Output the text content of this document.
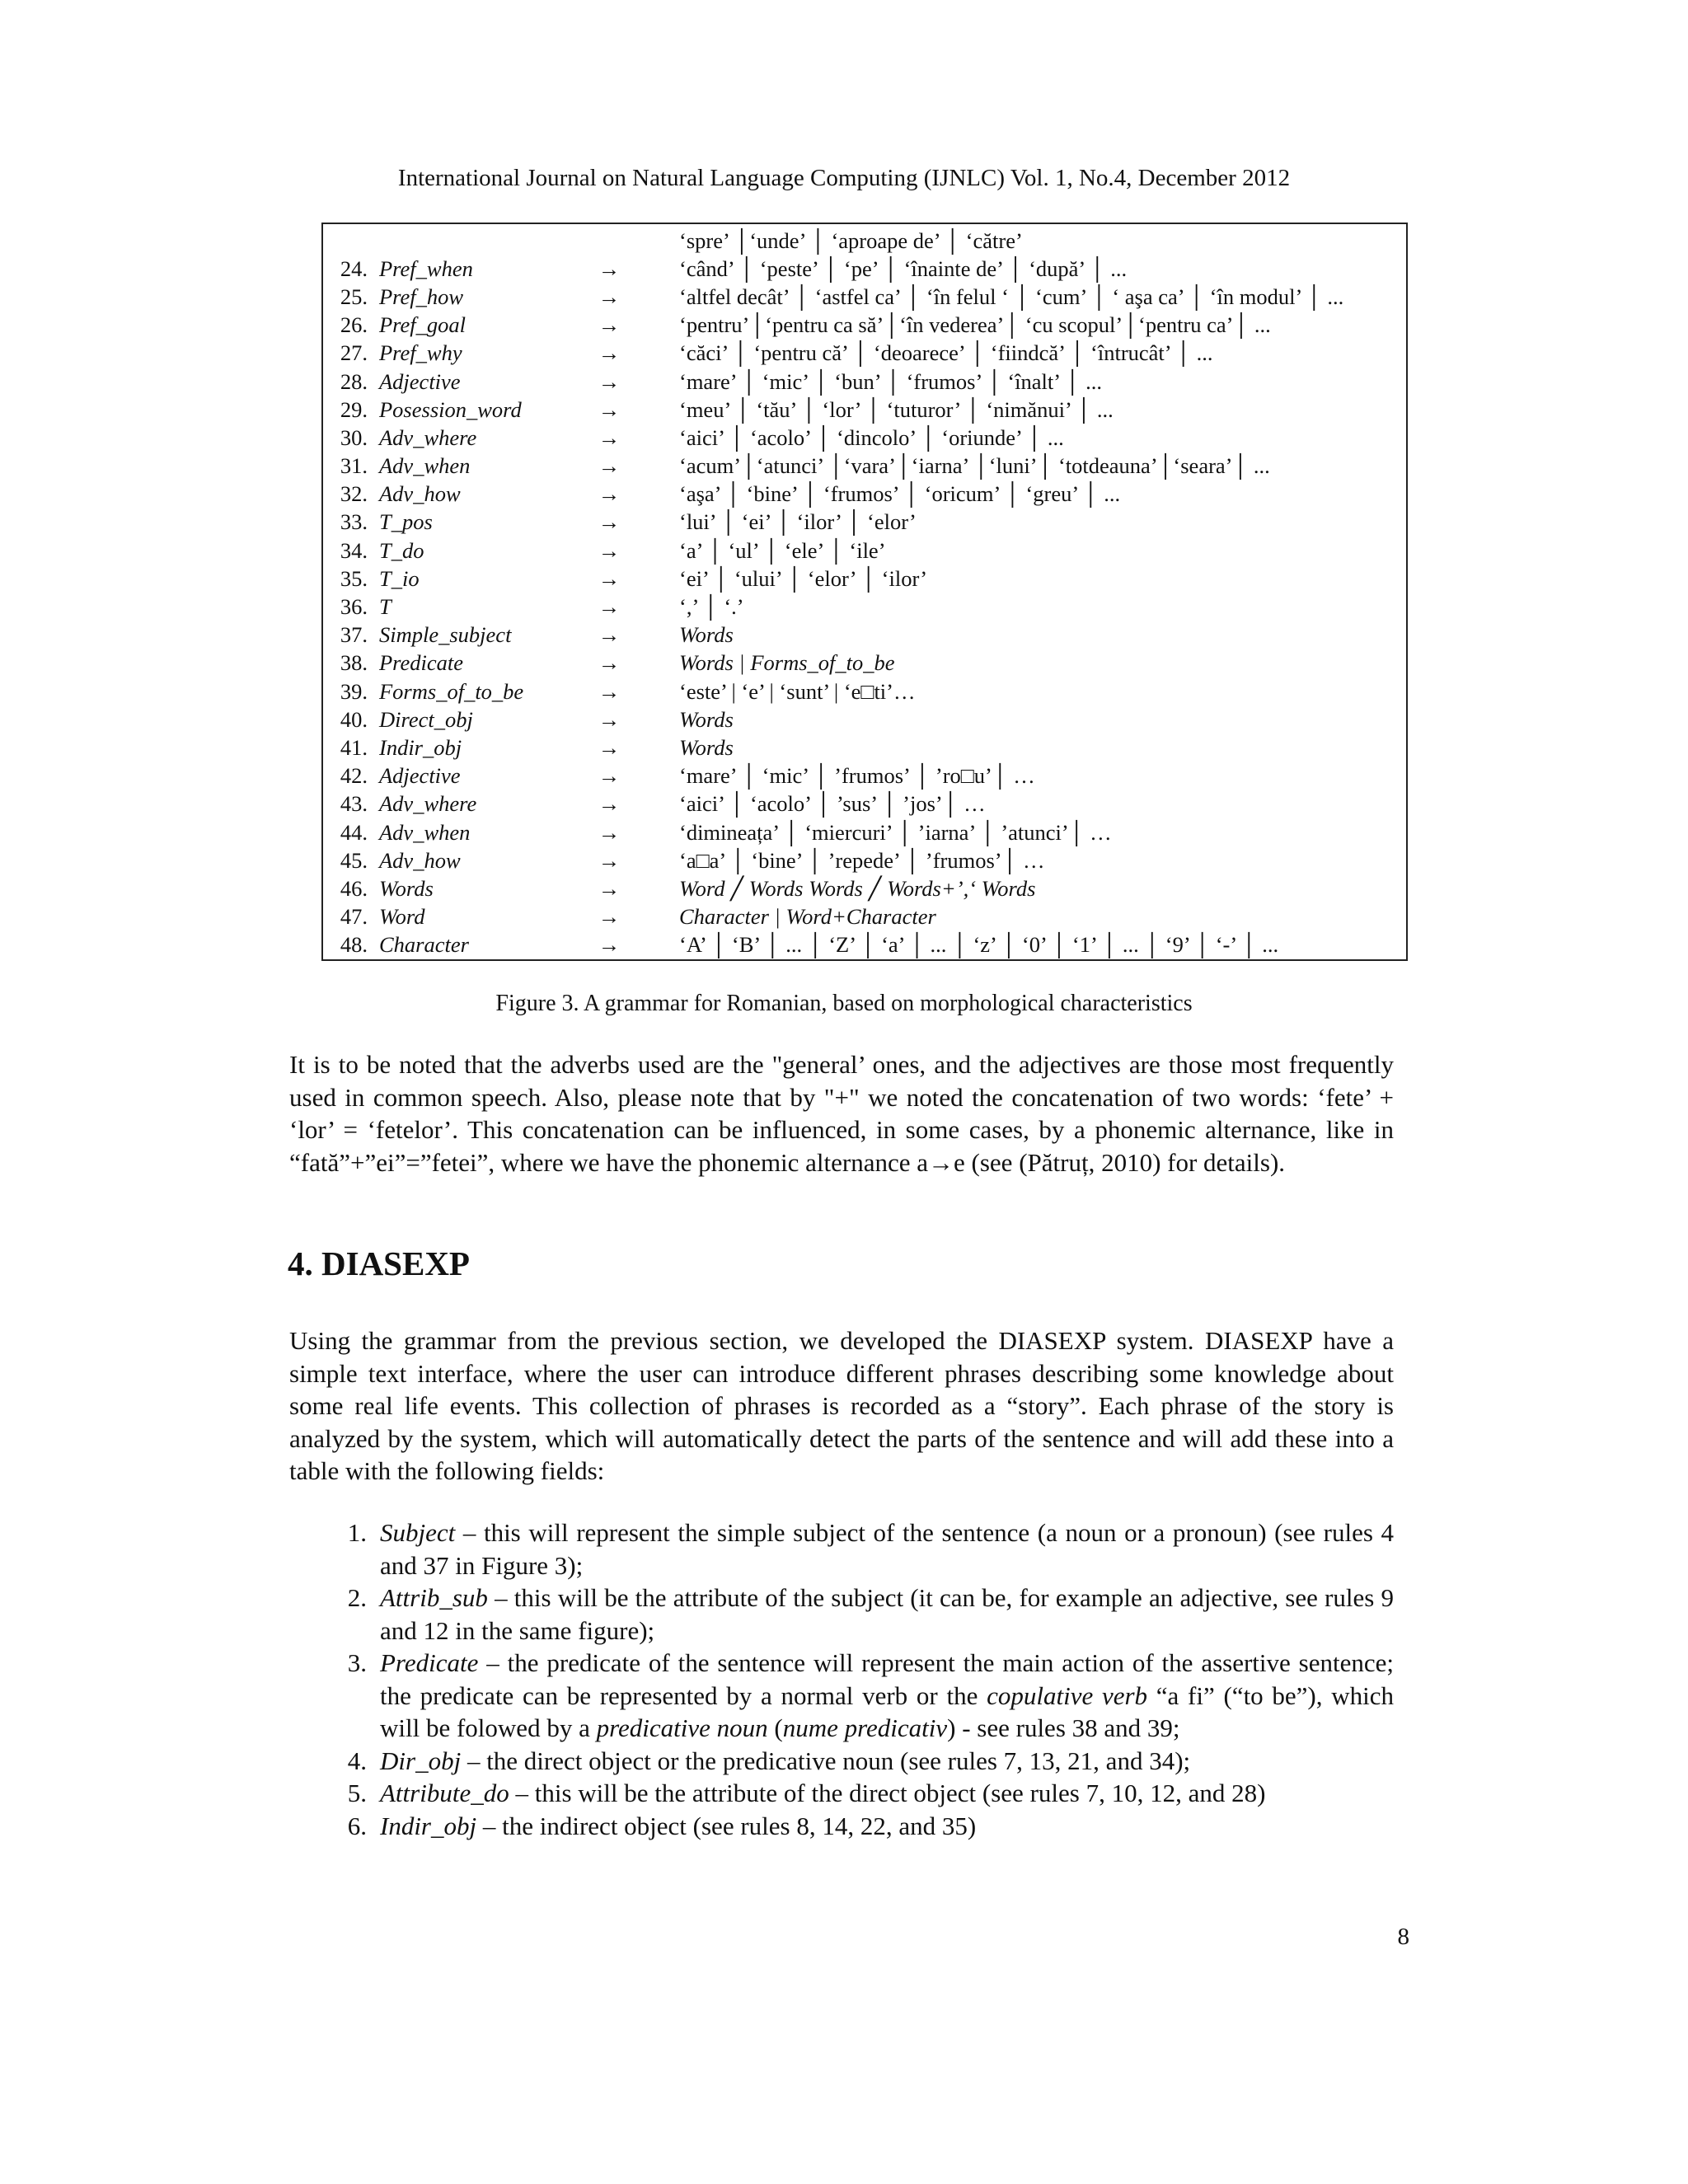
International Journal on Natural Language Computing (IJNLC) Vol. 1, No.4, December 2012
‘spre’ │‘unde’ │ ‘aproape de’ │ ‘către’
24. Pref_when	→	‘când’ │ ‘peste’ │ ‘pe’ │ ‘înainte de’ │ ‘după’ │ ...
25. Pref_how	→	‘altfel decât’ │ ‘astfel ca’ │ ‘în felul ‘ │ ‘cum’ │ ‘ aşa ca’ │ ‘în modul’ │ ...
26. Pref_goal	→	‘pentru’│‘pentru ca să’│‘în vederea’│ ‘cu scopul’│‘pentru ca’│ ...
27. Pref_why	→	‘căci’ │ ‘pentru că’ │ ‘deoarece’ │ ‘fiindcă’ │ ‘întrucât’ │ ...
28. Adjective	→	‘mare’ │ ‘mic’ │ ‘bun’ │ ‘frumos’ │ ‘înalt’ │ ...
29. Posession_word	→	‘meu’ │ ‘tău’ │ ‘lor’ │ ‘tuturor’ │ ‘nimănui’ │ ...
30. Adv_where	→	‘aici’ │ ‘acolo’ │ ‘dincolo’ │ ‘oriunde’ │ ...
31. Adv_when	→	‘acum’│‘atunci’ │‘vara’│‘iarna’ │‘luni’│ ‘totdeauna’│‘seara’│ ...
32. Adv_how	→	‘aşa’ │ ‘bine’ │ ‘frumos’ │ ‘oricum’ │ ‘greu’ │ ...
33. T_pos	→	‘lui’ │ ‘ei’ │ ‘ilor’ │ ‘elor’
34. T_do	→	‘a’ │ ‘ul’ │ ‘ele’ │ ‘ile’
35. T_io	→	‘ei’ │ ‘ului’ │ ‘elor’ │ ‘ilor’
36. T	→	‘,’ │ ‘.’
37. Simple_subject	→	Words
38. Predicate	→	Words | Forms_of_to_be
39. Forms_of_to_be	→	‘este’ | ‘e’ | ‘sunt’ | ‘e□ti’…
40. Direct_obj	→	Words
41. Indir_obj	→	Words
42. Adjective	→	‘mare’ │ ‘mic’ │ ’frumos’ │ ’ro□u’│ …
43. Adv_where	→	‘aici’ │ ‘acolo’ │ ’sus’ │ ’jos’│ …
44. Adv_when	→	‘dimineața’ │ ‘miercuri’ │ ’iarna’ │ ’atunci’│ …
45. Adv_how	→	‘a□a’ │ ‘bine’ │ ’repede’ │ ’frumos’│ …
46. Words	→	Word ╱ Words Words ╱ Words+’,‘ Words
47. Word	→	Character | Word+Character
48. Character	→	‘A’ │ ‘B’ │ ... │ ‘Z’ │ ‘a’ │ ... │ ‘z’ │ ‘0’ │ ‘1’ │ ... │ ‘9’ │ ‘-’ │ ...
Figure 3. A grammar for Romanian, based on morphological characteristics

It is to be noted that the adverbs used are the "general’ ones, and the adjectives are those most frequently used in common speech. Also, please note that by "+" we noted the concatenation of two words: ‘fete’ + ‘lor’ = ‘fetelor’. This concatenation can be influenced, in some cases, by a phonemic alternance, like in “fată”+”ei”=”fetei”, where we have the phonemic alternance a→e (see (Pătruț, 2010) for details).

4. DIASEXP

Using the grammar from the previous section, we developed the DIASEXP system. DIASEXP have a simple text interface, where the user can introduce different phrases describing some knowledge about some real life events. This collection of phrases is recorded as a “story”. Each phrase of the story is analyzed by the system, which will automatically detect the parts of the sentence and will add these into a table with the following fields:

1. Subject – this will represent the simple subject of the sentence (a noun or a pronoun) (see rules 4 and 37 in Figure 3);
2. Attrib_sub – this will be the attribute of the subject (it can be, for example an adjective, see rules 9 and 12 in the same figure);
3. Predicate – the predicate of the sentence will represent the main action of the assertive sentence; the predicate can be represented by a normal verb or the copulative verb “a fi” (“to be”), which will be folowed by a predicative noun (nume predicativ) - see rules 38 and 39;
4. Dir_obj – the direct object or the predicative noun (see rules 7, 13, 21, and 34);
5. Attribute_do – this will be the attribute of the direct object (see rules 7, 10, 12, and 28)
6. Indir_obj – the indirect object (see rules 8, 14, 22, and 35)
8
